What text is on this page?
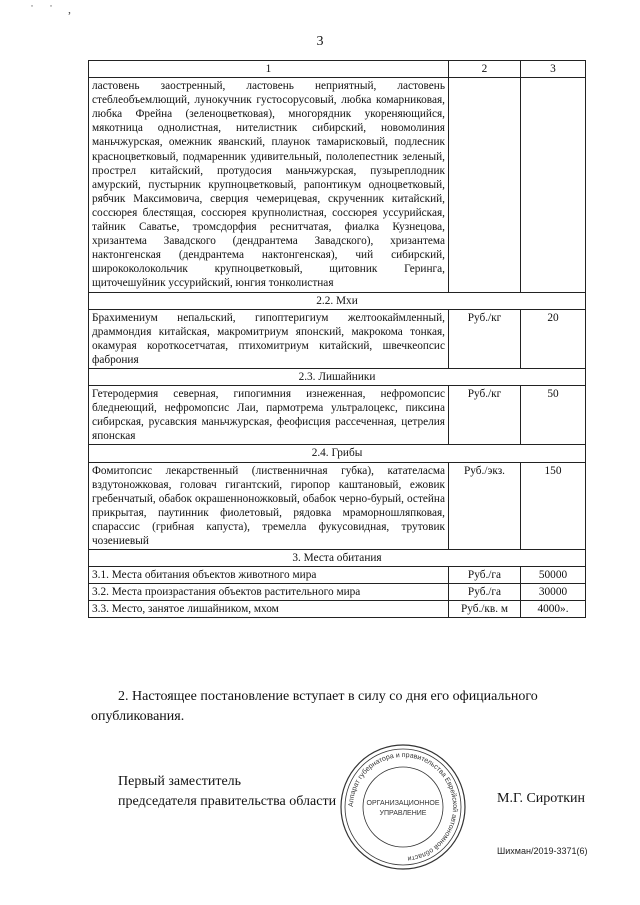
˙ ˙ ,
3
1	2	3
ластовень заостренный, ластовень неприятный, ластовень стеблеобъемлющий, лунокучник густосорусовый, любка комарниковая, любка Фрейна (зеленоцветковая), многорядник укореняющийся, мякотница однолистная, нителистник сибирский, новомолиния маньчжурская, омежник яванский, плаунок тамарисковый, подлесник красноцветковый, подмаренник удивительный, пололепестник зеленый, прострел китайский, протудосия маньчжурская, пузыреплодник амурский, пустырник крупноцветковый, рапонтикум одноцветковый, рябчик Максимовича, сверция чемерицевая, скрученник китайский, соссюрея блестящая, соссюрея крупнолистная, соссюрея уссурийская, тайник Саватье, тромсдорфия реснитчатая, фиалка Кузнецова, хризантема Завадского (дендрантема Завадского), хризантема нактонгенская (дендрантема нактонгенская), чий сибирский, ширококолокольчик крупноцветковый, щитовник Геринга, щиточешуйник уссурийский, юнгия тонколистная		
2.2. Мхи		
Брахимениум непальский, гипоптеригиум желтоокаймленный, драммондия китайская, макромитриум японский, макрокома тонкая, окамурая короткосетчатая, птихомитриум китайский, швечкеопсис фаброния	Руб./кг	20
2.3. Лишайники		
Гетеродермия северная, гипогимния изнеженная, нефромопсис бледнеющий, нефромопсис Лаи, пармотрема ультралоцекс, пиксина сибирская, русавския маньчжурская, феофисция рассеченная, цетрелия японская	Руб./кг	50
2.4. Грибы		
Фомитопсис лекарственный (лиственничная губка), катателасма вздутоножковая, головач гигантский, гиропор каштановый, ежовик гребенчатый, обабок окрашенноножковый, обабок черно-бурый, остейна прикрытая, паутинник фиолетовый, рядовка мраморношляпковая, спарассис (грибная капуста), тремелла фукусовидная, трутовик чозениевый	Руб./экз.	150
3. Места обитания		
3.1. Места обитания объектов животного мира	Руб./га	50000
3.2. Места произрастания объектов растительного мира	Руб./га	30000
3.3. Место, занятое лишайником, мхом	Руб./кв. м	4000».
2. Настоящее постановление вступает в силу со дня его официального
опубликования.
Первый заместитель
председателя правительства области Аппарат губернатора и правительства Еврейской автономной области
ОРГАНИЗАЦИОННОЕ
УПРАВЛЕНИЕ
М.Г. Сироткин
Шихман/2019-3371(6)
